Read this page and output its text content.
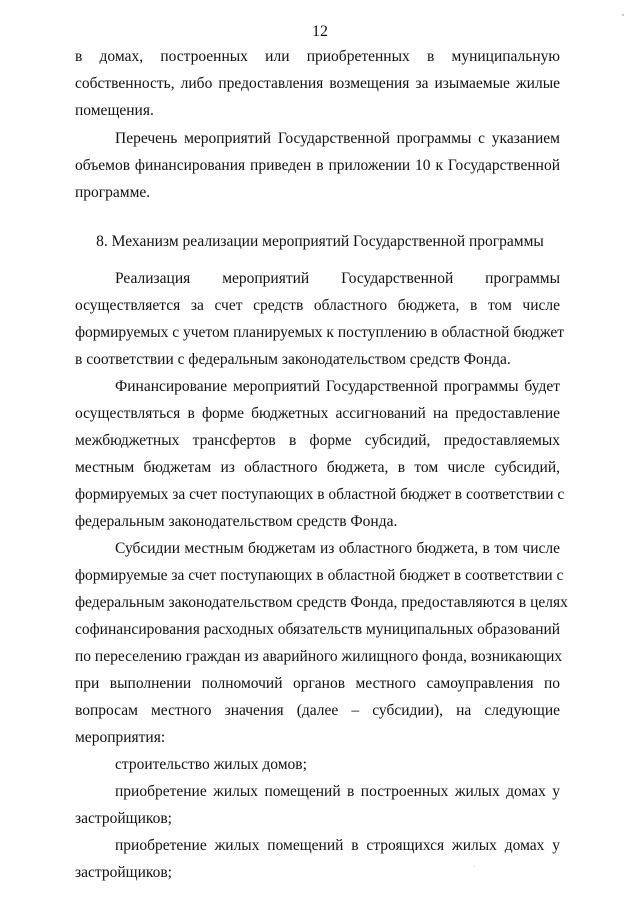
12
в домах, построенных или приобретенных в муниципальную
собственность, либо предоставления возмещения за изымаемые жилые
помещения.
Перечень мероприятий Государственной программы с указанием
объемов финансирования приведен в приложении 10 к Государственной
программе.
8. Механизм реализации мероприятий Государственной программы
Реализация мероприятий Государственной программы
осуществляется за счет средств областного бюджета, в том числе
формируемых с учетом планируемых к поступлению в областной бюджет
в соответствии с федеральным законодательством средств Фонда.
Финансирование мероприятий Государственной программы будет
осуществляться в форме бюджетных ассигнований на предоставление
межбюджетных трансфертов в форме субсидий, предоставляемых
местным бюджетам из областного бюджета, в том числе субсидий,
формируемых за счет поступающих в областной бюджет в соответствии с
федеральным законодательством средств Фонда.
Субсидии местным бюджетам из областного бюджета, в том числе
формируемые за счет поступающих в областной бюджет в соответствии с
федеральным законодательством средств Фонда, предоставляются в целях
софинансирования расходных обязательств муниципальных образований
по переселению граждан из аварийного жилищного фонда, возникающих
при выполнении полномочий органов местного самоуправления по
вопросам местного значения (далее – субсидии), на следующие
мероприятия:
строительство жилых домов;
приобретение жилых помещений в построенных жилых домах у
застройщиков;
приобретение жилых помещений в строящихся жилых домах у
застройщиков;
